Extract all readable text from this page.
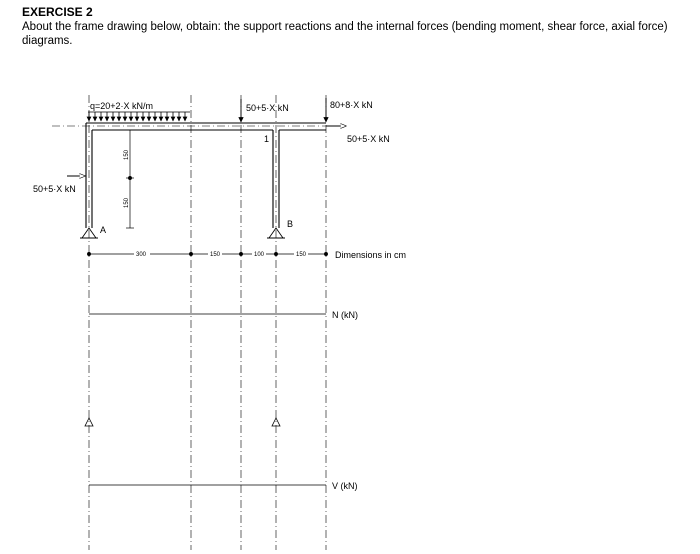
EXERCISE 2

About the frame drawing below, obtain: the support reactions and the internal forces (bending moment, shear force, axial force) diagrams.

q=20+2·X kN/m	50+5·X kN	80+8·X kN
50+5·X kN
50+5·X kN
1
150
150
A
B
300	150	100	150	Dimensions in cm
N (kN)
V (kN)
